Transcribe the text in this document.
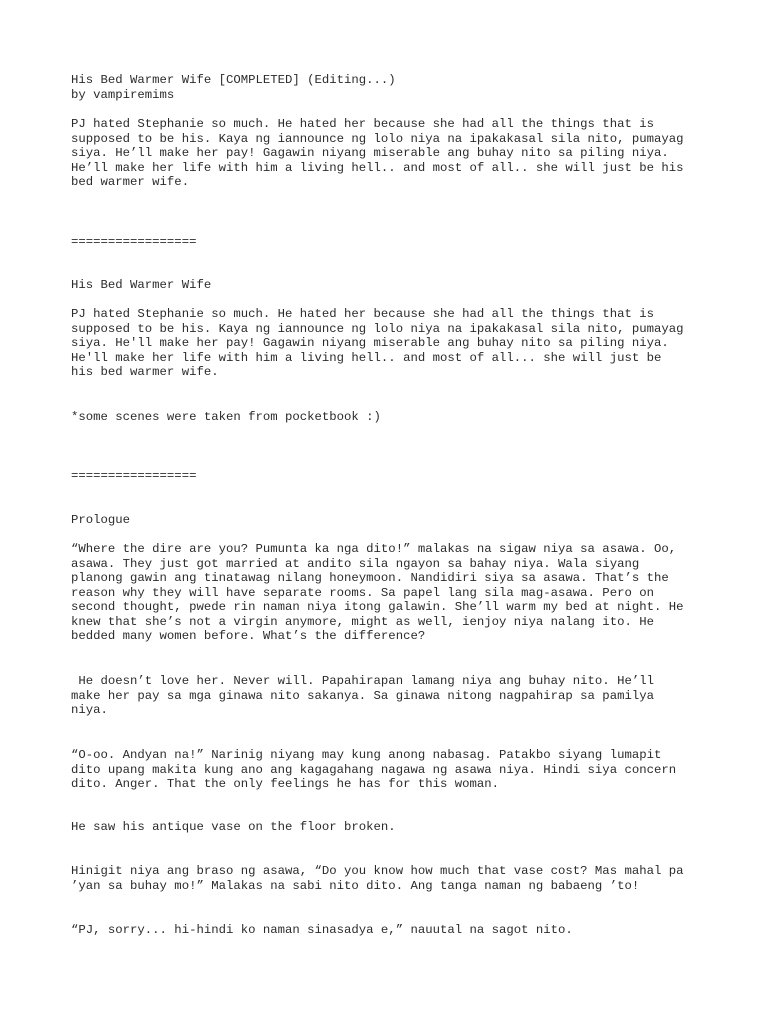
His Bed Warmer Wife [COMPLETED] (Editing...)
by vampiremims
PJ hated Stephanie so much. He hated her because she had all the things that is
supposed to be his. Kaya ng iannounce ng lolo niya na ipakakasal sila nito, pumayag
siya. He’ll make her pay! Gagawin niyang miserable ang buhay nito sa piling niya.
He’ll make her life with him a living hell.. and most of all.. she will just be his
bed warmer wife.
=================
His Bed Warmer Wife
PJ hated Stephanie so much. He hated her because she had all the things that is
supposed to be his. Kaya ng iannounce ng lolo niya na ipakakasal sila nito, pumayag
siya. He'll make her pay! Gagawin niyang miserable ang buhay nito sa piling niya.
He'll make her life with him a living hell.. and most of all... she will just be
his bed warmer wife.
*some scenes were taken from pocketbook :)
=================
Prologue
“Where the dire are you? Pumunta ka nga dito!” malakas na sigaw niya sa asawa. Oo,
asawa. They just got married at andito sila ngayon sa bahay niya. Wala siyang
planong gawin ang tinatawag nilang honeymoon. Nandidiri siya sa asawa. That’s the
reason why they will have separate rooms. Sa papel lang sila mag-asawa. Pero on
second thought, pwede rin naman niya itong galawin. She’ll warm my bed at night. He
knew that she’s not a virgin anymore, might as well, ienjoy niya nalang ito. He
bedded many women before. What’s the difference?
He doesn’t love her. Never will. Papahirapan lamang niya ang buhay nito. He’ll
make her pay sa mga ginawa nito sakanya. Sa ginawa nitong nagpahirap sa pamilya
niya.
“O-oo. Andyan na!” Narinig niyang may kung anong nabasag. Patakbo siyang lumapit
dito upang makita kung ano ang kagagahang nagawa ng asawa niya. Hindi siya concern
dito. Anger. That the only feelings he has for this woman.
He saw his antique vase on the floor broken.
Hinigit niya ang braso ng asawa, “Do you know how much that vase cost? Mas mahal pa
’yan sa buhay mo!” Malakas na sabi nito dito. Ang tanga naman ng babaeng ’to!
“PJ, sorry... hi-hindi ko naman sinasadya e,” nauutal na sagot nito.
